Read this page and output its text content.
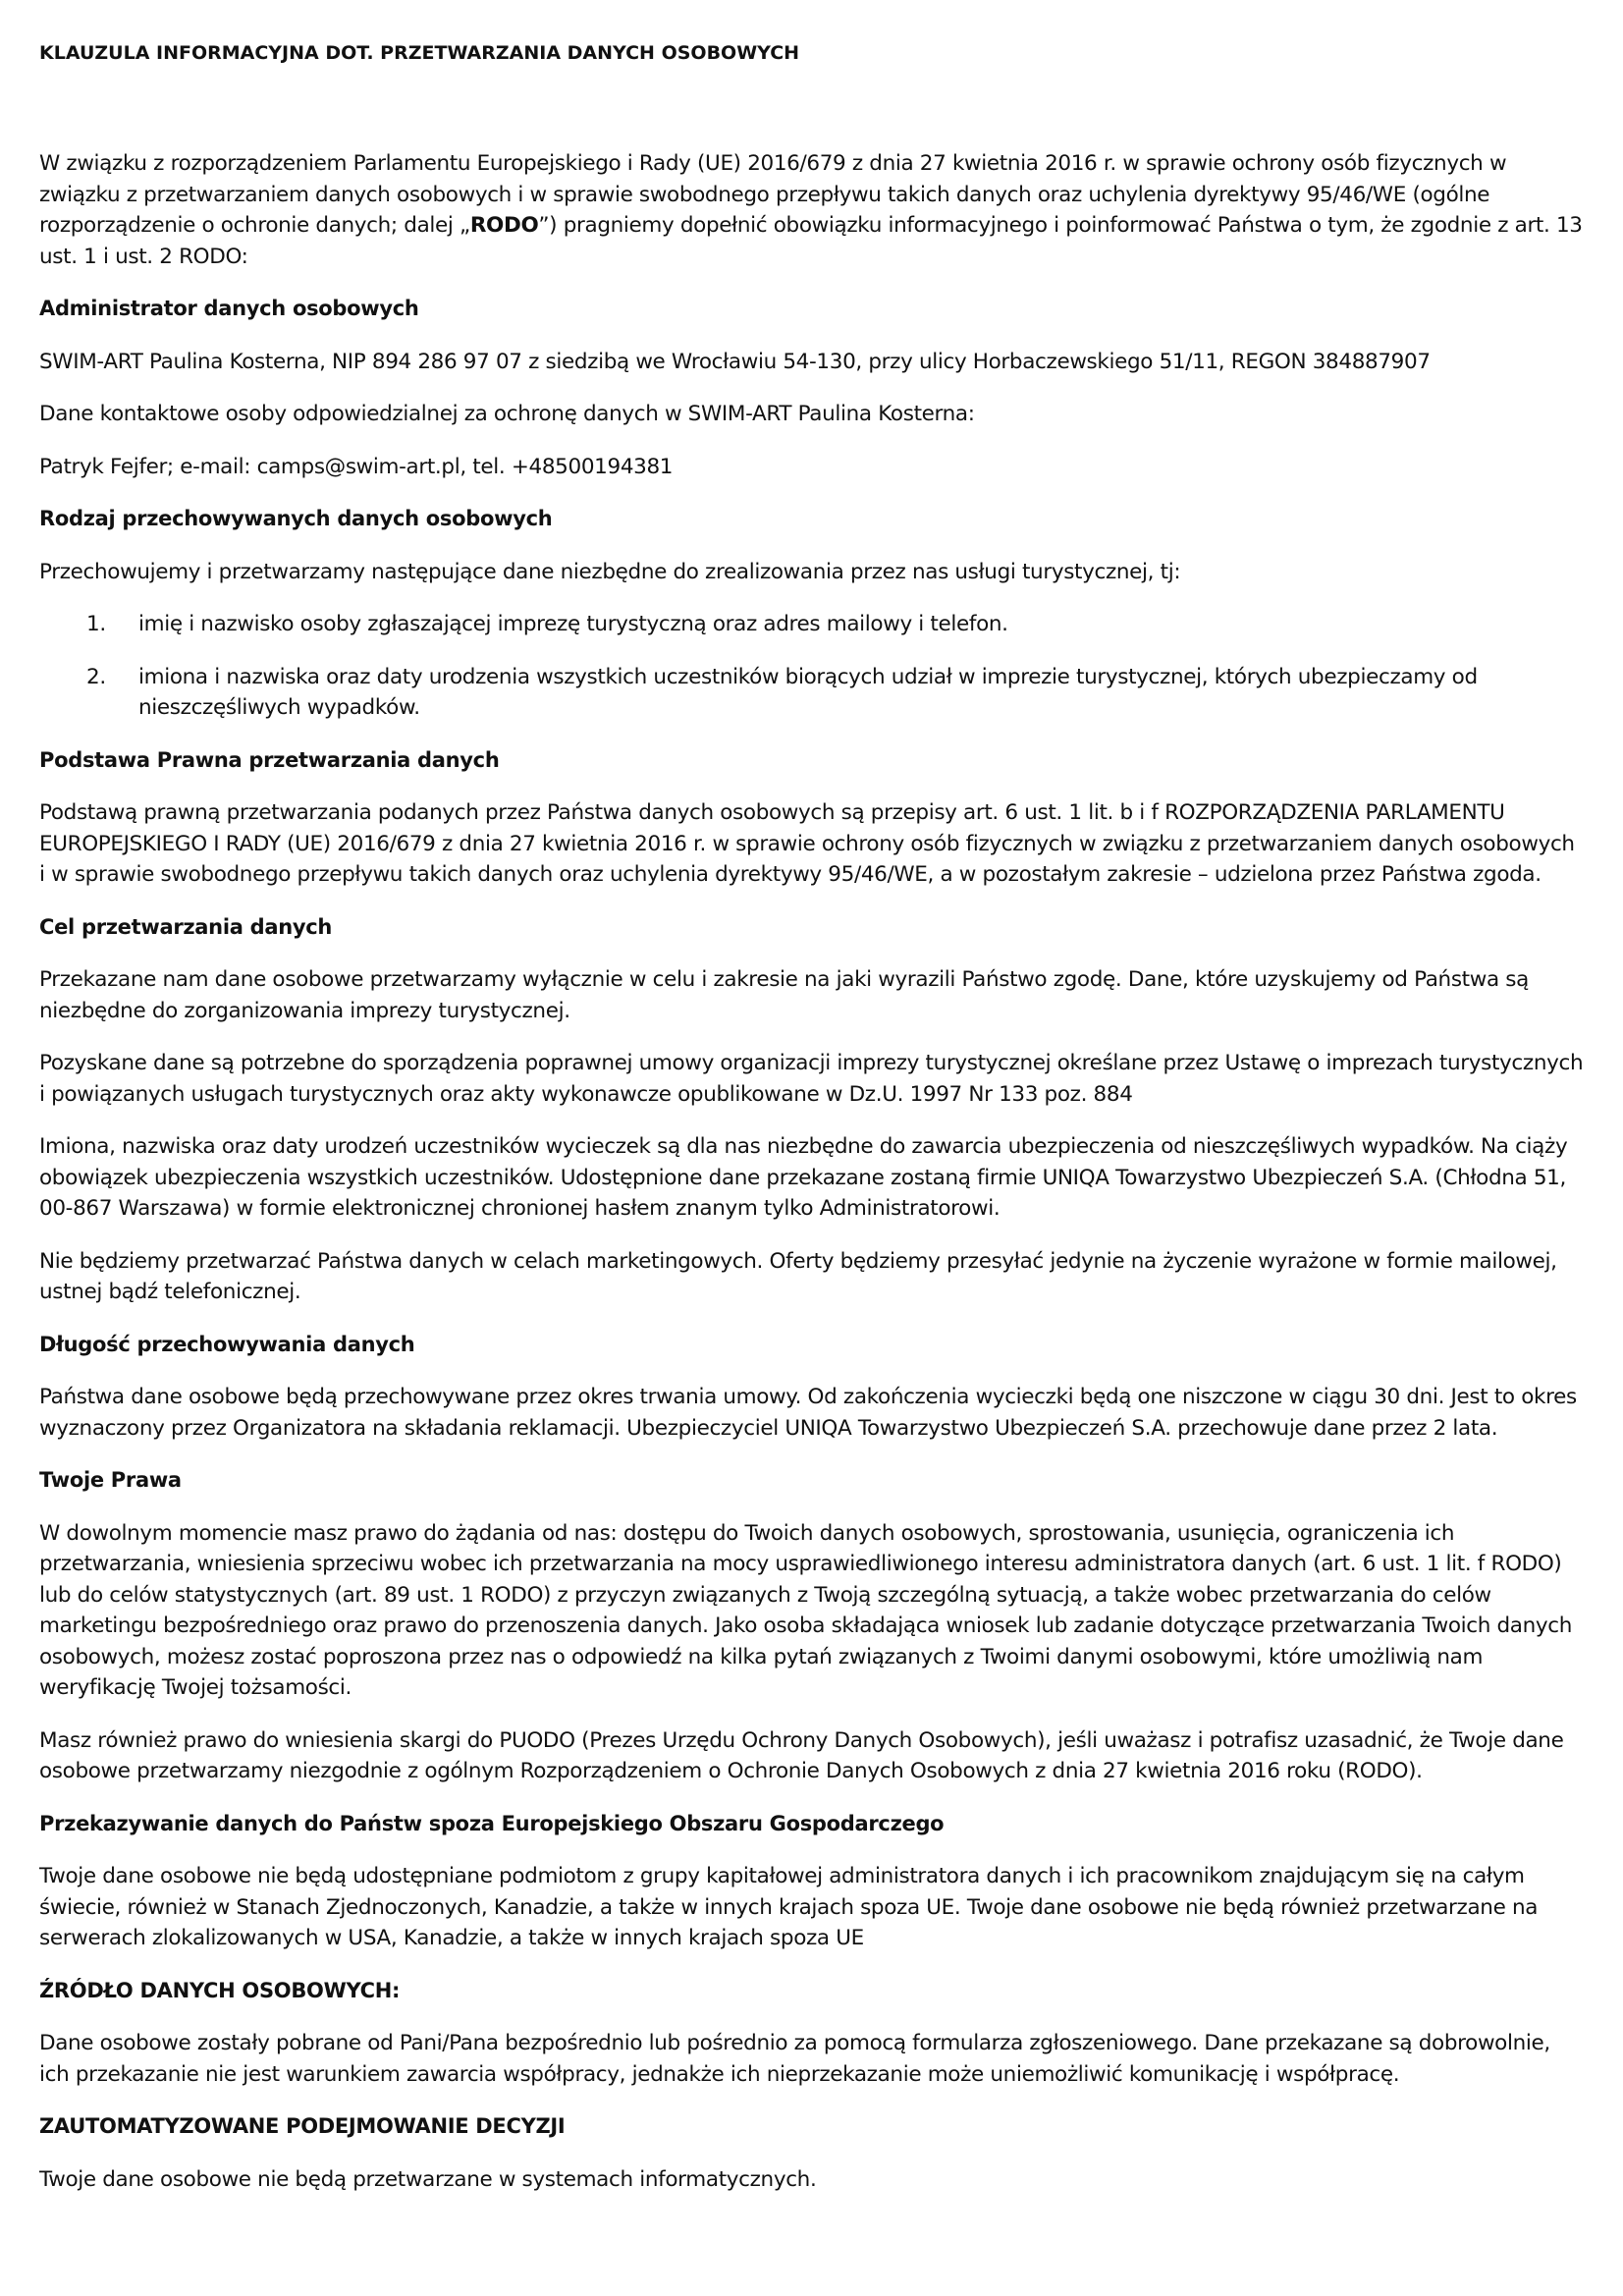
KLAUZULA INFORMACYJNA DOT. PRZETWARZANIA DANYCH OSOBOWYCH

W związku z rozporządzeniem Parlamentu Europejskiego i Rady (UE) 2016/679 z dnia 27 kwietnia 2016 r. w sprawie ochrony osób fizycznych w związku z przetwarzaniem danych osobowych i w sprawie swobodnego przepływu takich danych oraz uchylenia dyrektywy 95/46/WE (ogólne rozporządzenie o ochronie danych; dalej „RODO”) pragniemy dopełnić obowiązku informacyjnego i poinformować Państwa o tym, że zgodnie z art. 13 ust. 1 i ust. 2 RODO:

Administrator danych osobowych

SWIM-ART Paulina Kosterna, NIP 894 286 97 07 z siedzibą we Wrocławiu 54-130, przy ulicy Horbaczewskiego 51/11, REGON 384887907

Dane kontaktowe osoby odpowiedzialnej za ochronę danych w SWIM-ART Paulina Kosterna:

Patryk Fejfer; e-mail: camps@swim-art.pl, tel. +48500194381

Rodzaj przechowywanych danych osobowych

Przechowujemy i przetwarzamy następujące dane niezbędne do zrealizowania przez nas usługi turystycznej, tj:

1. imię i nazwisko osoby zgłaszającej imprezę turystyczną oraz adres mailowy i telefon.
2. imiona i nazwiska oraz daty urodzenia wszystkich uczestników biorących udział w imprezie turystycznej, których ubezpieczamy od nieszczęśliwych wypadków.
Podstawa Prawna przetwarzania danych

Podstawą prawną przetwarzania podanych przez Państwa danych osobowych są przepisy art. 6 ust. 1 lit. b i f ROZPORZĄDZENIA PARLAMENTU EUROPEJSKIEGO I RADY (UE) 2016/679 z dnia 27 kwietnia 2016 r. w sprawie ochrony osób fizycznych w związku z przetwarzaniem danych osobowych i w sprawie swobodnego przepływu takich danych oraz uchylenia dyrektywy 95/46/WE, a w pozostałym zakresie – udzielona przez Państwa zgoda.

Cel przetwarzania danych

Przekazane nam dane osobowe przetwarzamy wyłącznie w celu i zakresie na jaki wyrazili Państwo zgodę. Dane, które uzyskujemy od Państwa są niezbędne do zorganizowania imprezy turystycznej.

Pozyskane dane są potrzebne do sporządzenia poprawnej umowy organizacji imprezy turystycznej określane przez Ustawę o imprezach turystycznych i powiązanych usługach turystycznych oraz akty wykonawcze opublikowane w Dz.U. 1997 Nr 133 poz. 884

Imiona, nazwiska oraz daty urodzeń uczestników wycieczek są dla nas niezbędne do zawarcia ubezpieczenia od nieszczęśliwych wypadków. Na ciąży obowiązek ubezpieczenia wszystkich uczestników. Udostępnione dane przekazane zostaną firmie UNIQA Towarzystwo Ubezpieczeń S.A. (Chłodna 51, 00-867 Warszawa) w formie elektronicznej chronionej hasłem znanym tylko Administratorowi.

Nie będziemy przetwarzać Państwa danych w celach marketingowych. Oferty będziemy przesyłać jedynie na życzenie wyrażone w formie mailowej, ustnej bądź telefonicznej.

Długość przechowywania danych

Państwa dane osobowe będą przechowywane przez okres trwania umowy. Od zakończenia wycieczki będą one niszczone w ciągu 30 dni. Jest to okres wyznaczony przez Organizatora na składania reklamacji. Ubezpieczyciel UNIQA Towarzystwo Ubezpieczeń S.A. przechowuje dane przez 2 lata.

Twoje Prawa

W dowolnym momencie masz prawo do żądania od nas: dostępu do Twoich danych osobowych, sprostowania, usunięcia, ograniczenia ich przetwarzania, wniesienia sprzeciwu wobec ich przetwarzania na mocy usprawiedliwionego interesu administratora danych (art. 6 ust. 1 lit. f RODO) lub do celów statystycznych (art. 89 ust. 1 RODO) z przyczyn związanych z Twoją szczególną sytuacją, a także wobec przetwarzania do celów marketingu bezpośredniego oraz prawo do przenoszenia danych. Jako osoba składająca wniosek lub zadanie dotyczące przetwarzania Twoich danych osobowych, możesz zostać poproszona przez nas o odpowiedź na kilka pytań związanych z Twoimi danymi osobowymi, które umożliwią nam weryfikację Twojej tożsamości.

Masz również prawo do wniesienia skargi do PUODO (Prezes Urzędu Ochrony Danych Osobowych), jeśli uważasz i potrafisz uzasadnić, że Twoje dane osobowe przetwarzamy niezgodnie z ogólnym Rozporządzeniem o Ochronie Danych Osobowych z dnia 27 kwietnia 2016 roku (RODO).

Przekazywanie danych do Państw spoza Europejskiego Obszaru Gospodarczego

Twoje dane osobowe nie będą udostępniane podmiotom z grupy kapitałowej administratora danych i ich pracownikom znajdującym się na całym świecie, również w Stanach Zjednoczonych, Kanadzie, a także w innych krajach spoza UE. Twoje dane osobowe nie będą również przetwarzane na serwerach zlokalizowanych w USA, Kanadzie, a także w innych krajach spoza UE

ŹRÓDŁO DANYCH OSOBOWYCH:

Dane osobowe zostały pobrane od Pani/Pana bezpośrednio lub pośrednio za pomocą formularza zgłoszeniowego. Dane przekazane są dobrowolnie, ich przekazanie nie jest warunkiem zawarcia współpracy, jednakże ich nieprzekazanie może uniemożliwić komunikację i współpracę.

ZAUTOMATYZOWANE PODEJMOWANIE DECYZJI

Twoje dane osobowe nie będą przetwarzane w systemach informatycznych.
